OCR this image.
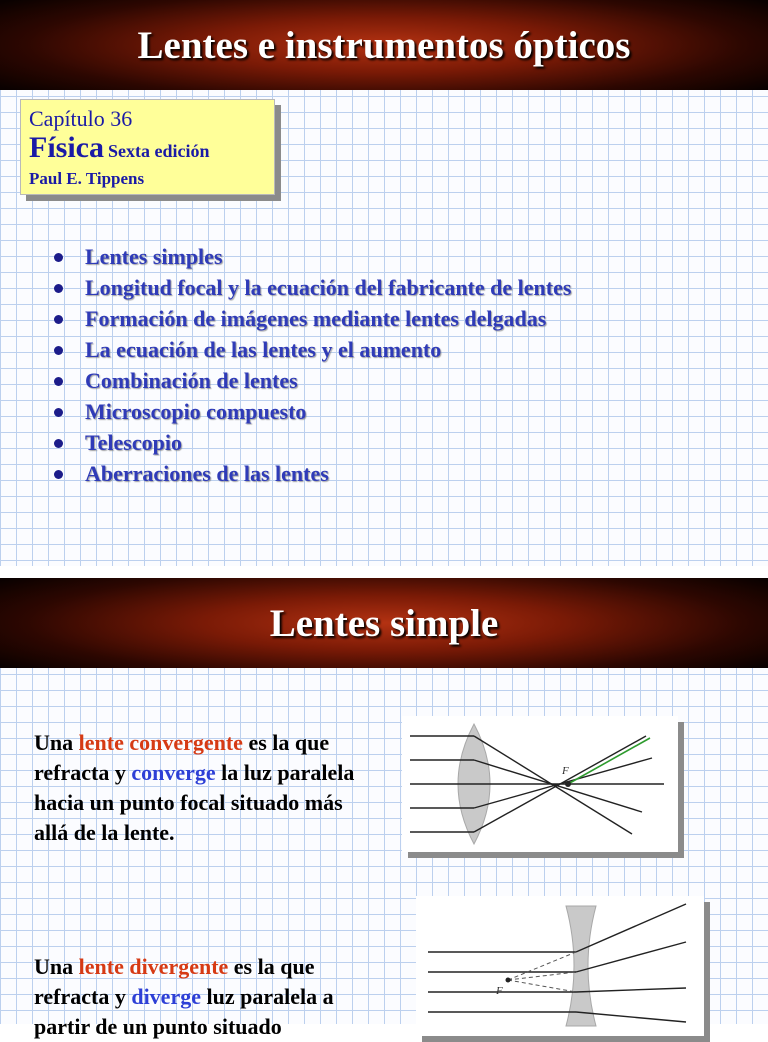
Lentes e instrumentos ópticos
Capítulo 36
Física Sexta edición
Paul E. Tippens
Lentes simples
Longitud focal y la ecuación del fabricante de lentes
Formación de imágenes mediante lentes delgadas
La ecuación de las lentes y el aumento
Combinación de lentes
Microscopio compuesto
Telescopio
Aberraciones de las lentes
Lentes simple

Una lente convergente es la que refracta y converge la luz paralela hacia un punto focal situado más allá de la lente.

F

Una lente divergente es la que refracta y diverge luz paralela a partir de un punto situado

F
